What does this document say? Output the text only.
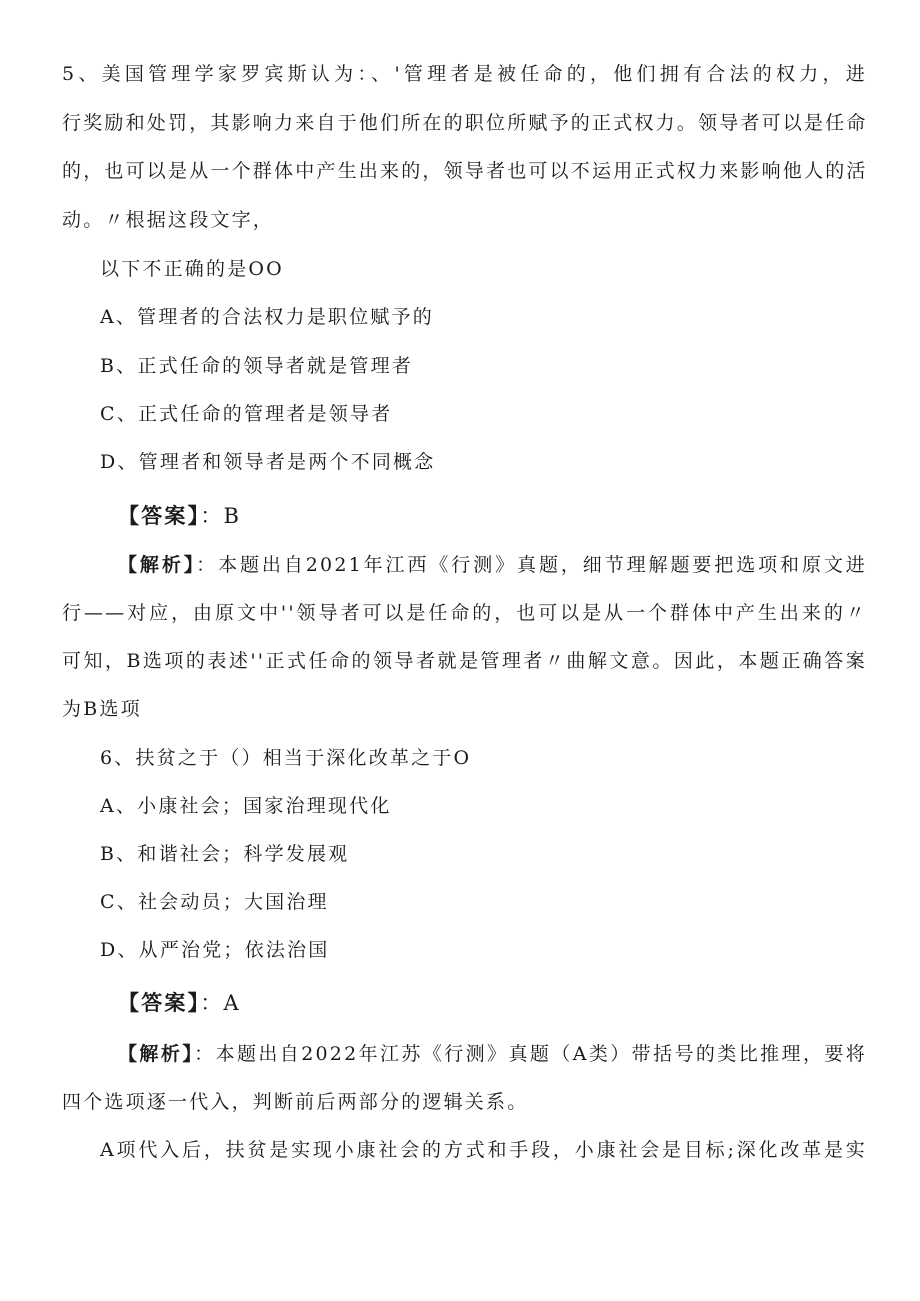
5、美国管理学家罗宾斯认为：、'管理者是被任命的，他们拥有合法的权力，进
行奖励和处罚，其影响力来自于他们所在的职位所赋予的正式权力。领导者可以是任命
的，也可以是从一个群体中产生出来的，领导者也可以不运用正式权力来影响他人的活
动。〃根据这段文字，
以下不正确的是OO
A、管理者的合法权力是职位赋予的
B、正式任命的领导者就是管理者
C、正式任命的管理者是领导者
D、管理者和领导者是两个不同概念
【答案】：B
【解析】：本题出自2021年江西《行测》真题，细节理解题要把选项和原文进
行——对应，由原文中''领导者可以是任命的，也可以是从一个群体中产生出来的〃
可知，B选项的表述''正式任命的领导者就是管理者〃曲解文意。因此，本题正确答案
为B选项
6、扶贫之于（）相当于深化改革之于O
A、小康社会；国家治理现代化
B、和谐社会；科学发展观
C、社会动员；大国治理
D、从严治党；依法治国
【答案】：A
【解析】：本题出自2022年江苏《行测》真题（A类）带括号的类比推理，要将
四个选项逐一代入，判断前后两部分的逻辑关系。
A项代入后，扶贫是实现小康社会的方式和手段，小康社会是目标;深化改革是实
